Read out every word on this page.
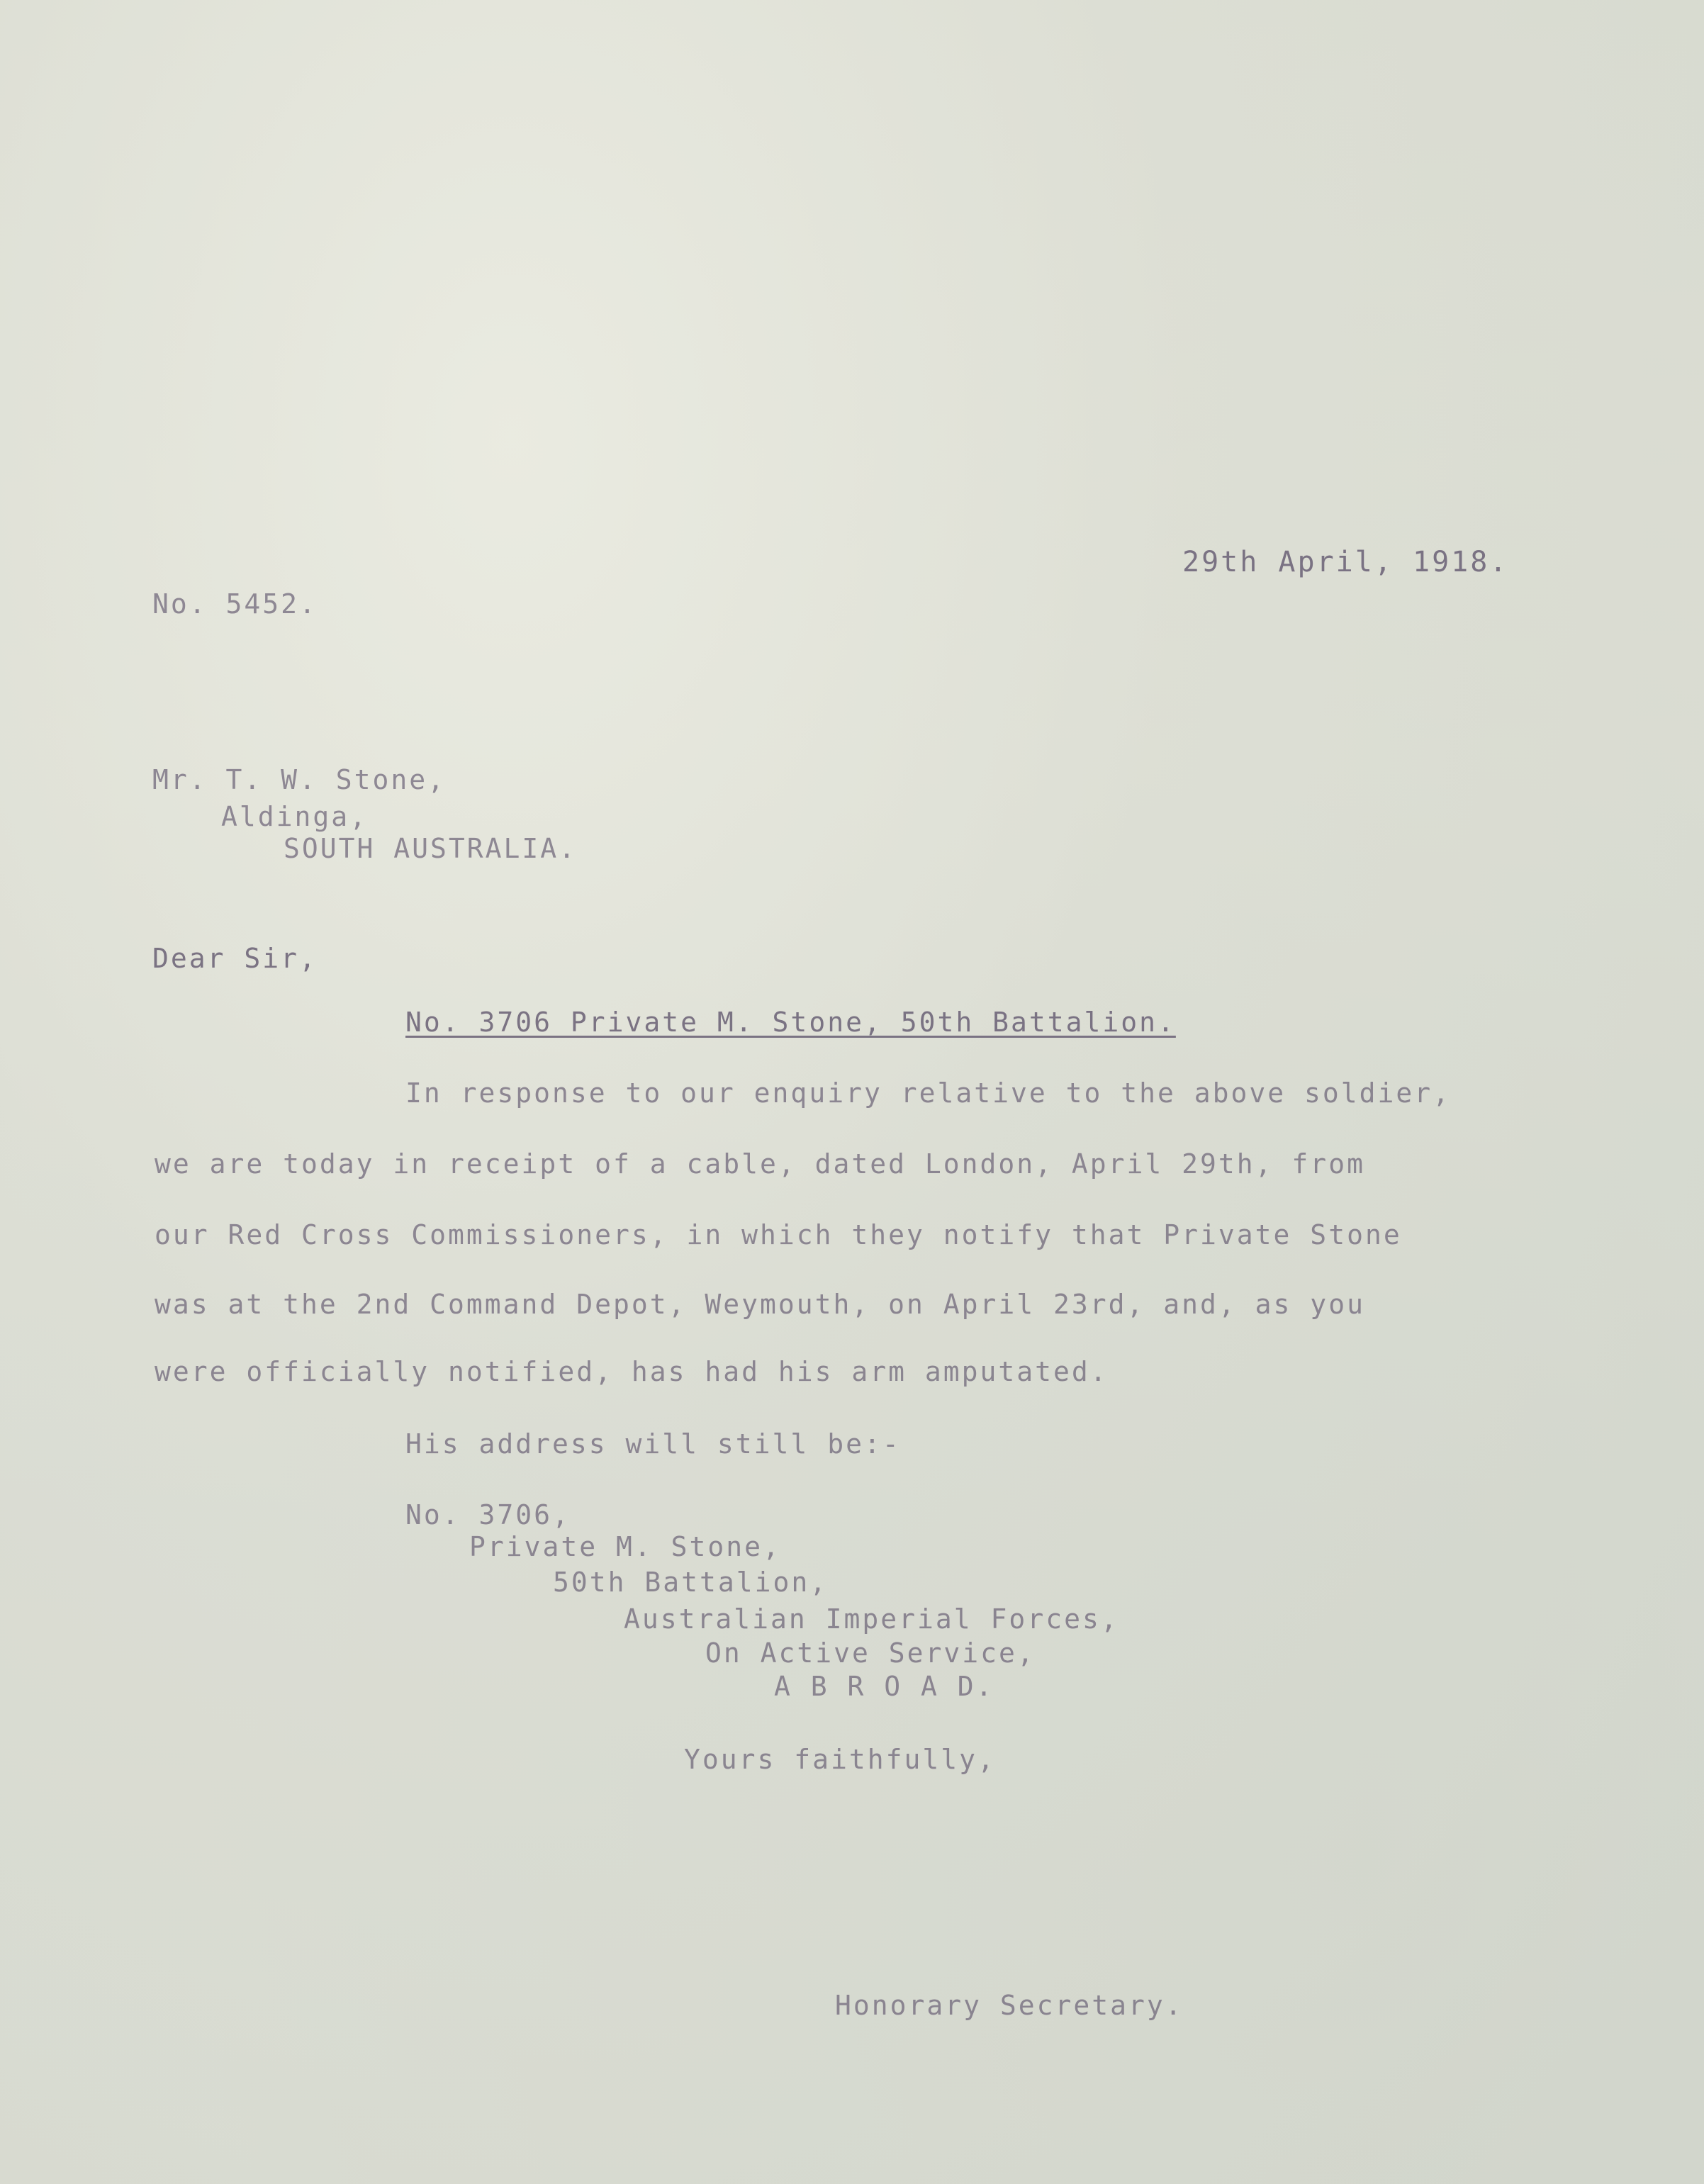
29th April, 1918.
No. 5452.
Mr. T. W. Stone,
Aldinga,
SOUTH AUSTRALIA.
Dear Sir,
No. 3706 Private M. Stone, 50th Battalion.
In response to our enquiry relative to the above soldier,
we are today in receipt of a cable, dated London, April 29th, from
our Red Cross Commissioners, in which they notify that Private Stone
was at the 2nd Command Depot, Weymouth, on April 23rd, and, as you
were officially notified, has had his arm amputated.
His address will still be:-
No. 3706,
Private M. Stone,
50th Battalion,
Australian Imperial Forces,
On Active Service,
A B R O A D.
Yours faithfully,
Honorary Secretary.
